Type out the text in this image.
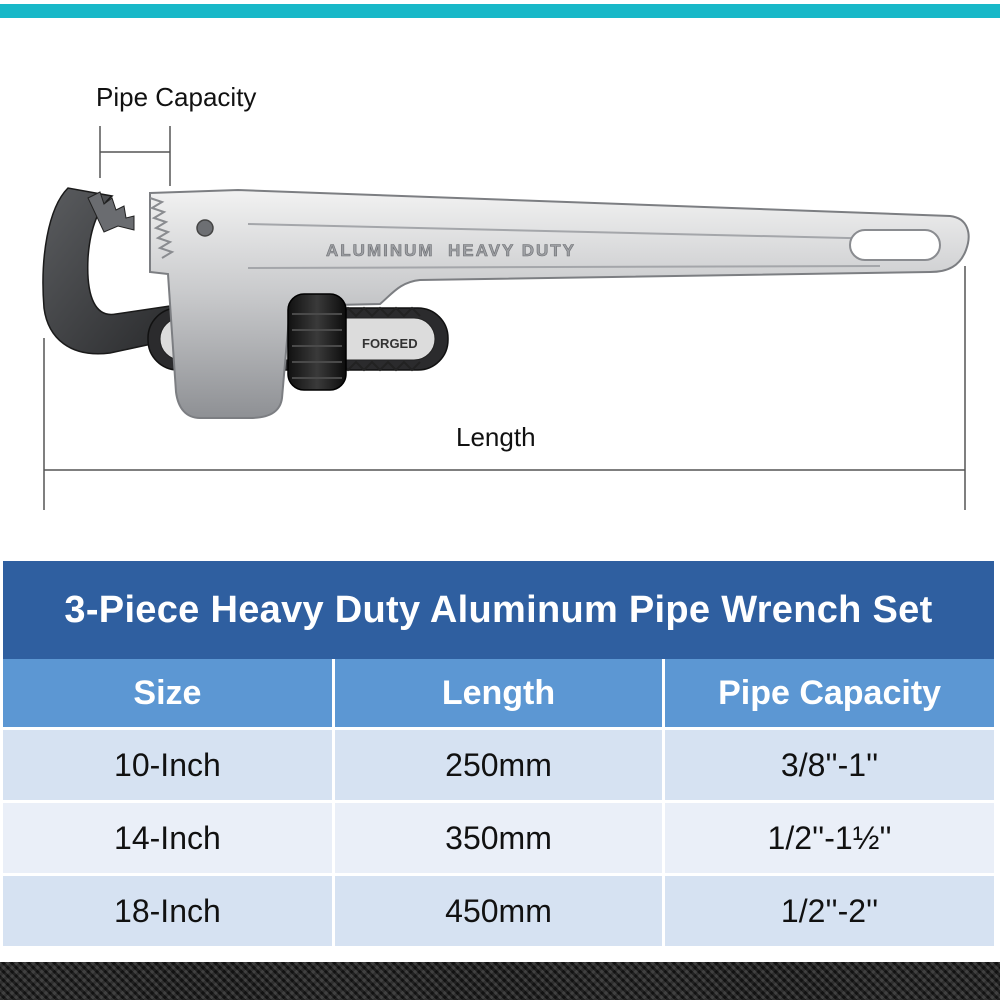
FORGED
ALUMINUM  HEAVY DUTY
Pipe Capacity
Length
3-Piece Heavy Duty Aluminum Pipe Wrench Set		
Size	Length	Pipe Capacity
10-Inch	250mm	3/8''-1''
14-Inch	350mm	1/2''-1½''
18-Inch	450mm	1/2''-2''
